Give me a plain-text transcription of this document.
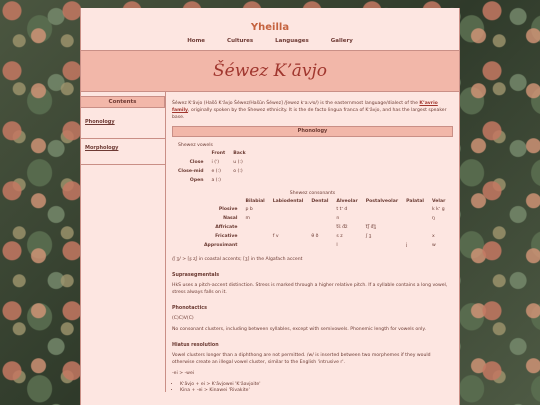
Yheilla
Home	Cultures	Languages	Gallery
Šéwez Kʼāvjo
Contents
Phonology
Morphology

Šéwez Kʼāvjo (Hašō Kʼāvjo Šéwez/Hašūn Šéwez] /ʃewez kʼaːvʲo/) is the easternmost language/dialect of the Kʼavrio family, originally spoken by the Shewez ethnicity. It is the de facto lingua franca of Kʼāvjo, and has the largest speaker base.

Phonology
Shewez vowels
	Front	Back
Close	i (ˈ)	u (:)
Close-mid	e (:)	o (:)
Open	a (:)	
Shewez consonants
	Bilabial	Labiodental	Dental	Alveolar	Postalveolar	Palatal	Velar
Plosive	p b			t tʼ d			k kʼ g
Nasal	m			n			ŋ
Affricate				t͡s d͡z	t͡ʃ d͡ʒ		
Fricative		f v	θ ð	s z	ʃ ʒ		x
Approximant				l		j	w

/ʃ ʒ/ > [ʂ ʐ] in coastal accents; [ʒ] in the Algafach accent

Suprasegmentals

HkS uses a pitch-accent distinction. Stress is marked through a higher relative pitch. If a syllable contains a long vowel, stress always falls on it.

Phonotactics

(C)C)V(C)

No consonant clusters, including between syllables, except with semivowels. Phonemic length for vowels only.

Hiatus resolution

Vowel clusters longer than a diphthong are not permitted. /w/ is inserted between two morphemes if they would otherwise create an illegal vowel cluster, similar to the English 'intrusive r'.

-ei > -wei

• Kʼāvjo + ei > Kʼāvjowei 'Kʼāavjoite'
• Kina + -ei > Kinawei 'Rivakite'
